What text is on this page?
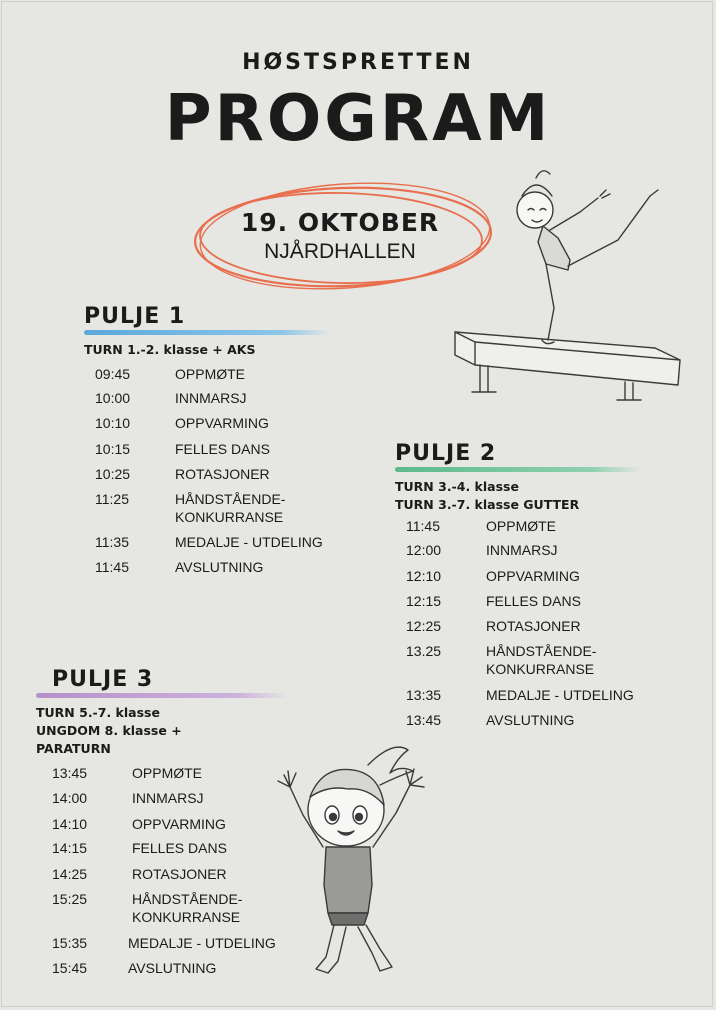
HØSTSPRETTEN
PROGRAM
19. OKTOBER
NJÅRDHALLEN
PULJE 1
TURN 1.-2. klasse + AKS
09:45	OPPMØTE
10:00	INNMARSJ
10:10	OPPVARMING
10:15	FELLES DANS
10:25	ROTASJONER
11:25	HÅNDSTÅENDE-
KONKURRANSE
11:35	MEDALJE - UTDELING
11:45	AVSLUTNING
PULJE 2
TURN 3.-4. klasse
TURN 3.-7. klasse GUTTER
11:45	OPPMØTE
12:00	INNMARSJ
12:10	OPPVARMING
12:15	FELLES DANS
12:25	ROTASJONER
13.25	HÅNDSTÅENDE-
KONKURRANSE
13:35	MEDALJE - UTDELING
13:45	AVSLUTNING
PULJE 3
TURN 5.-7. klasse
UNGDOM 8. klasse +
PARATURN
13:45	OPPMØTE
14:00	INNMARSJ
14:10	OPPVARMING
14:15	FELLES DANS
14:25	ROTASJONER
15:25	HÅNDSTÅENDE-
KONKURRANSE
15:35	MEDALJE - UTDELING
15:45	AVSLUTNING
